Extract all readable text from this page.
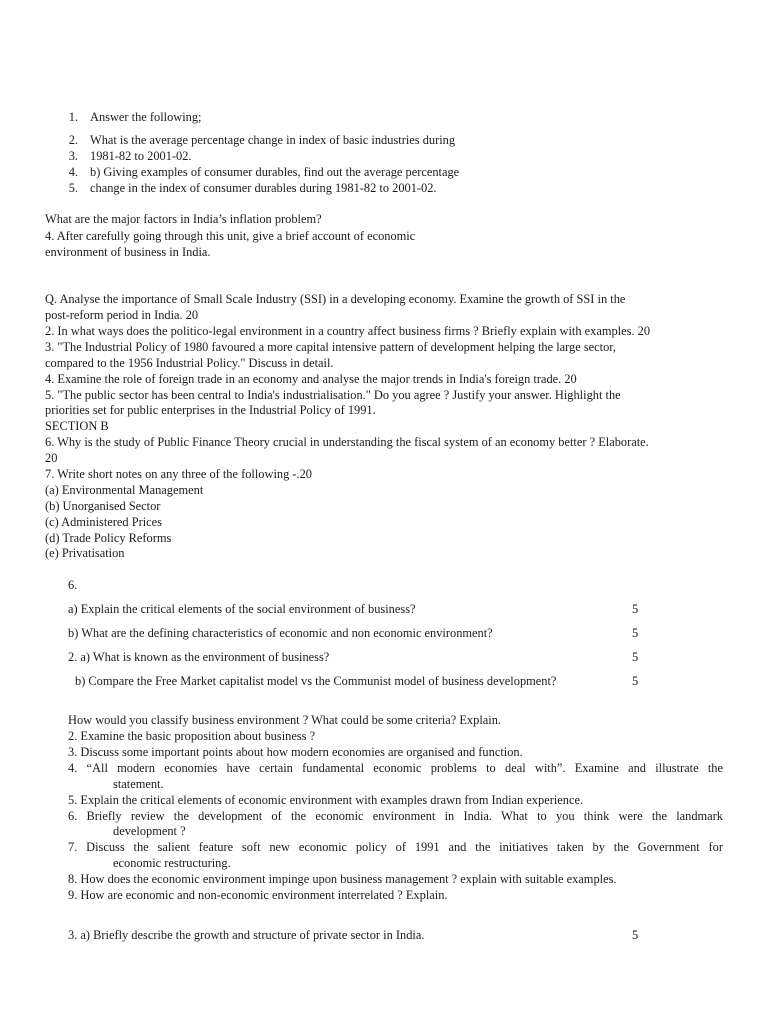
1. Answer the following;
2. What is the average percentage change in index of basic industries during
3. 1981-82 to 2001-02.
4. b) Giving examples of consumer durables, find out the average percentage
5. change in the index of consumer durables during 1981-82 to 2001-02.
What are the major factors in India’s inflation problem?
4. After carefully going through this unit, give a brief account of economic
environment of business in India.
Q. Analyse the importance of Small Scale Industry (SSI) in a developing economy. Examine the growth of SSI in the
post-reform period in India. 20
2. In what ways does the politico-legal environment in a country affect business firms ? Briefly explain with examples. 20
3. "The Industrial Policy of 1980 favoured a more capital intensive pattern of development helping the large sector,
compared to the 1956 Industrial Policy." Discuss in detail.
4. Examine the role of foreign trade in an economy and analyse the major trends in India's foreign trade. 20
5. "The public sector has been central to India's industrialisation." Do you agree ? Justify your answer. Highlight the
priorities set for public enterprises in the Industrial Policy of 1991.
SECTION B
6. Why is the study of Public Finance Theory crucial in understanding the fiscal system of an economy better ? Elaborate.
20
7. Write short notes on any three of the following -.20
(a) Environmental Management
(b) Unorganised Sector
(c) Administered Prices
(d) Trade Policy Reforms
(e) Privatisation
6.
a) Explain the critical elements of the social environment of business?	5
b) What are the defining characteristics of economic and non economic environment?	5
2. a) What is known as the environment of business?	5
b) Compare the Free Market capitalist model vs the Communist model of business development?	5
How would you classify business environment ? What could be some criteria? Explain.
2. Examine the basic proposition about business ?
3. Discuss some important points about how modern economies are organised and function.
4. “All modern economies have certain fundamental economic problems to deal with”. Examine and illustrate the
statement.
5. Explain the critical elements of economic environment with examples drawn from Indian experience.
6. Briefly review the development of the economic environment in India. What to you think were the landmark
development ?
7. Discuss the salient feature soft new economic policy of 1991 and the initiatives taken by the Government for
economic restructuring.
8. How does the economic environment impinge upon business management ? explain with suitable examples.
9. How are economic and non-economic environment interrelated ? Explain.
3. a) Briefly describe the growth and structure of private sector in India.	5
